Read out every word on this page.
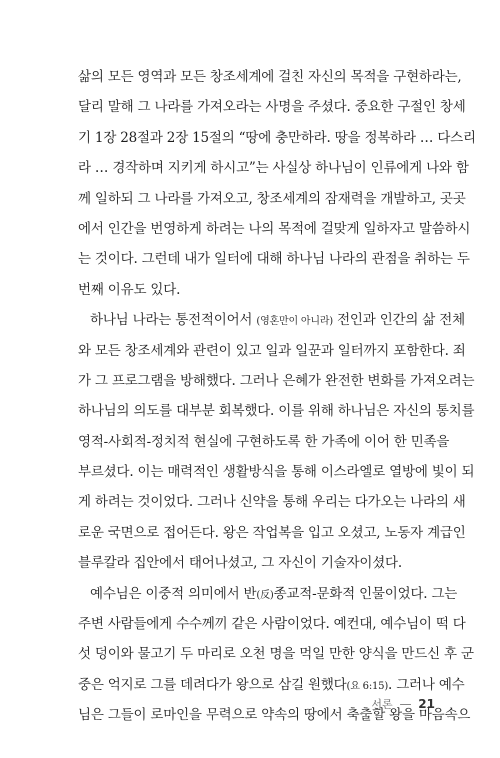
삶의 모든 영역과 모든 창조세계에 걸친 자신의 목적을 구현하라는,
달리 말해 그 나라를 가져오라는 사명을 주셨다. 중요한 구절인 창세
기 1장 28절과 2장 15절의 “땅에 충만하라. 땅을 정복하라 … 다스리
라 … 경작하며 지키게 하시고”는 사실상 하나님이 인류에게 나와 함
께 일하되 그 나라를 가져오고, 창조세계의 잠재력을 개발하고, 곳곳
에서 인간을 번영하게 하려는 나의 목적에 걸맞게 일하자고 말씀하시
는 것이다. 그런데 내가 일터에 대해 하나님 나라의 관점을 취하는 두
번째 이유도 있다.
하나님 나라는 통전적이어서 (영혼만이 아니라) 전인과 인간의 삶 전체
와 모든 창조세계와 관련이 있고 일과 일꾼과 일터까지 포함한다. 죄
가 그 프로그램을 방해했다. 그러나 은혜가 완전한 변화를 가져오려는
하나님의 의도를 대부분 회복했다. 이를 위해 하나님은 자신의 통치를
영적-사회적-정치적 현실에 구현하도록 한 가족에 이어 한 민족을
부르셨다. 이는 매력적인 생활방식을 통해 이스라엘로 열방에 빛이 되
게 하려는 것이었다. 그러나 신약을 통해 우리는 다가오는 나라의 새
로운 국면으로 접어든다. 왕은 작업복을 입고 오셨고, 노동자 계급인
블루칼라 집안에서 태어나셨고, 그 자신이 기술자이셨다.
예수님은 이중적 의미에서 반(反)종교적-문화적 인물이었다. 그는
주변 사람들에게 수수께끼 같은 사람이었다. 예컨대, 예수님이 떡 다
섯 덩이와 물고기 두 마리로 오천 명을 먹일 만한 양식을 만드신 후 군
중은 억지로 그를 데려다가 왕으로 삼길 원했다(요 6:15). 그러나 예수
님은 그들이 로마인을 무력으로 약속의 땅에서 축출할 왕을 마음속으
서론 — 21
